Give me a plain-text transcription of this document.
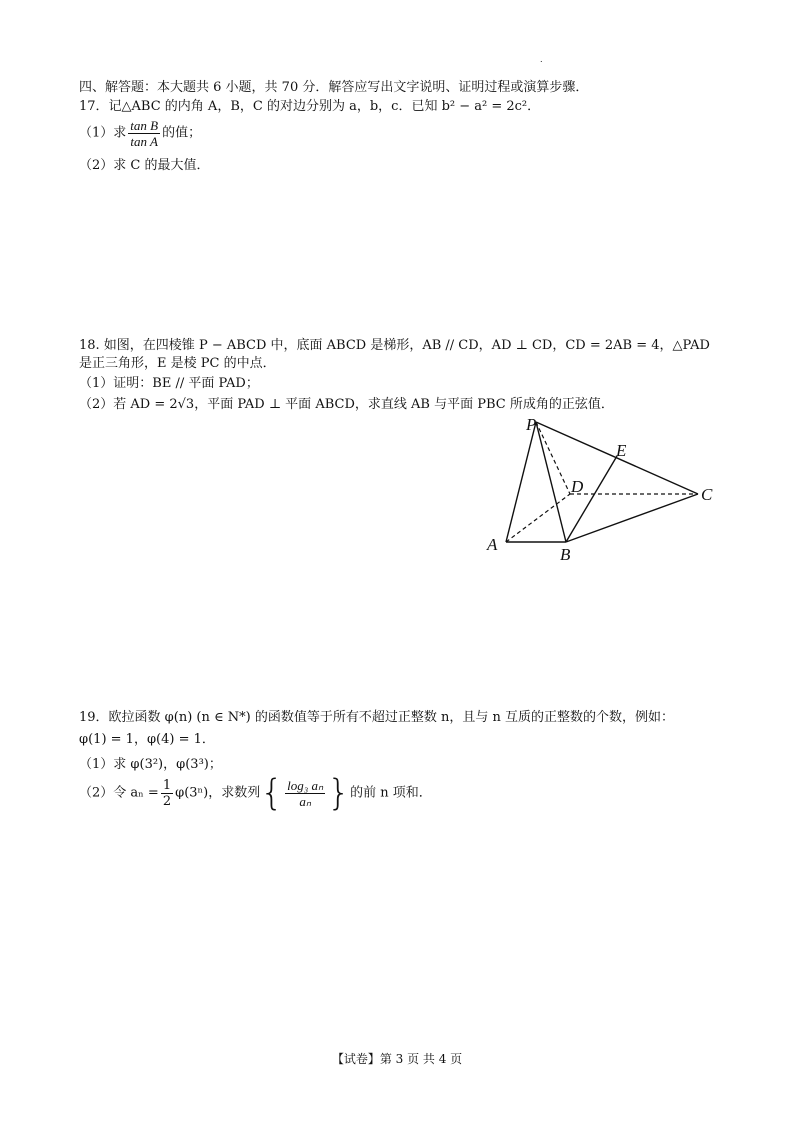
.
四、解答题：本大题共 6 小题，共 70 分．解答应写出文字说明、证明过程或演算步骤．
17．记△ABC 的内角 A，B，C 的对边分别为 a，b，c．已知 b² − a² = 2c²．
（1）求 $\frac{\text{tan B}}{\text{tan A}}$ 的值；
（2）求 C 的最大值．
18. 如图，在四棱锥 P − ABCD 中，底面 ABCD 是梯形，AB // CD，AD ⊥ CD，CD = 2AB = 4，△PAD
是正三角形，E 是棱 PC 的中点．
（1）证明：BE // 平面 PAD；
（2）若 AD = 2√3，平面 PAD ⊥ 平面 ABCD，求直线 AB 与平面 PBC 所成角的正弦值．
P
E
D	C
A
B
19．欧拉函数 φ(n) (n ∈ N*) 的函数值等于所有不超过正整数 n，且与 n 互质的正整数的个数，例如：
φ(1) = 1，φ(4) = 1．
（1）求 φ(3²)，φ(3³)；
（2）令 $a_n = \frac{1}{2} \varphi(3^n)$，求数列{ $\frac{\text{log₃ aₙ}}{\text{aₙ}}$ }的前 n 项和．
【试卷】第 3 页 共 4 页
